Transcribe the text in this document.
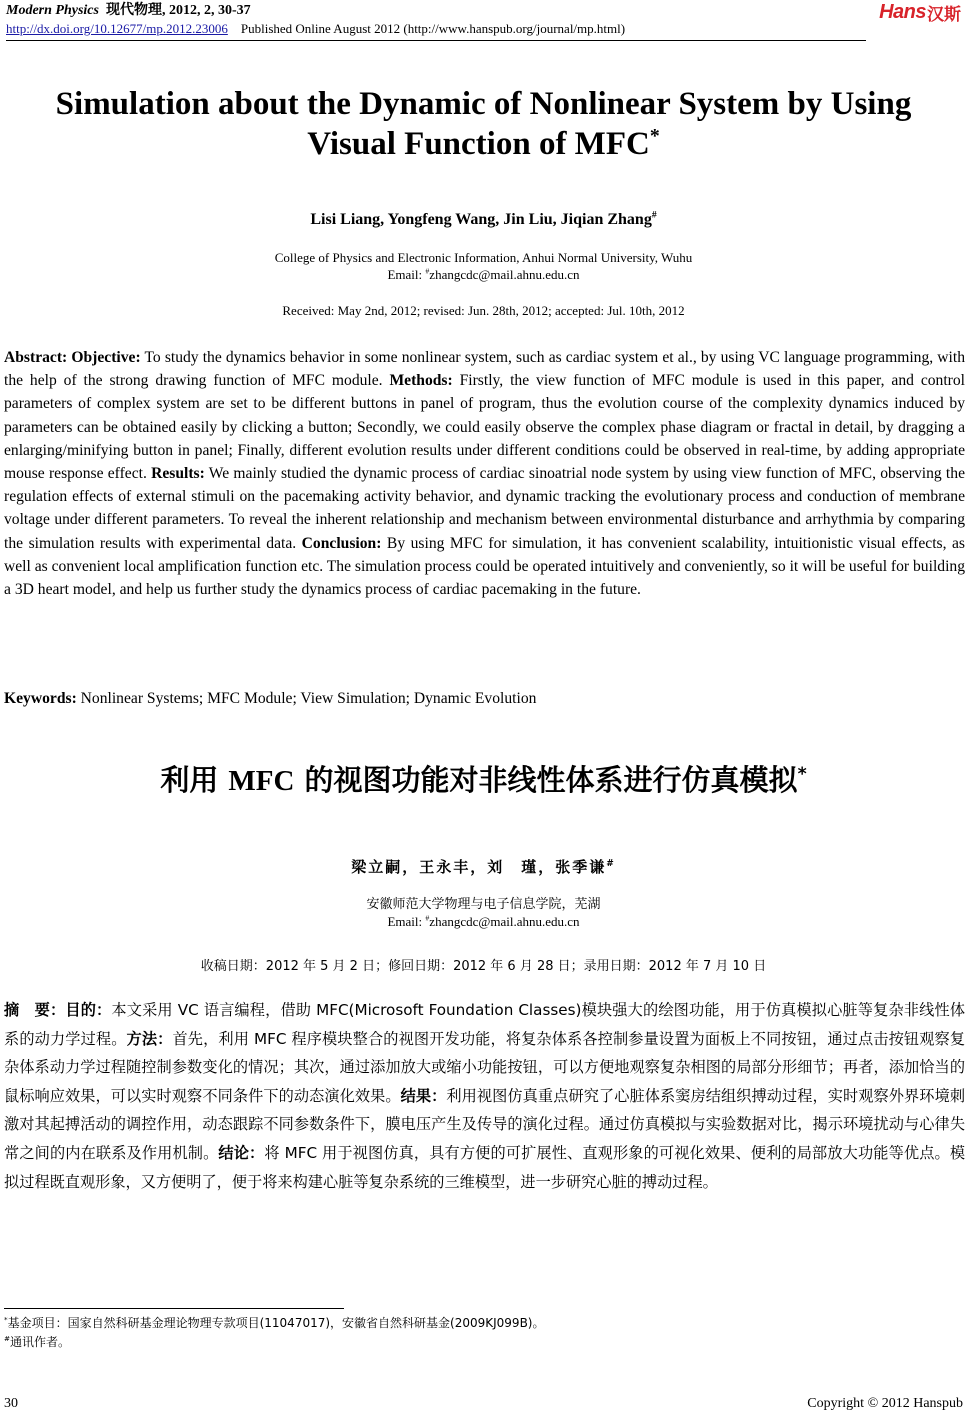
Modern Physics 现代物理, 2012, 2, 30-37
http://dx.doi.org/10.12677/mp.2012.23006 Published Online August 2012 (http://www.hanspub.org/journal/mp.html)
Hans 汉斯
Simulation about the Dynamic of Nonlinear System by Using
Visual Function of MFC*
Lisi Liang, Yongfeng Wang, Jin Liu, Jiqian Zhang#
College of Physics and Electronic Information, Anhui Normal University, Wuhu
Email: #zhangcdc@mail.ahnu.edu.cn
Received: May 2nd, 2012; revised: Jun. 28th, 2012; accepted: Jul. 10th, 2012

Abstract: Objective: To study the dynamics behavior in some nonlinear system, such as cardiac system et al., by using VC language programming, with the help of the strong drawing function of MFC module. Methods: Firstly, the view function of MFC module is used in this paper, and control parameters of complex system are set to be different buttons in panel of program, thus the evolution course of the complexity dynamics induced by parameters can be obtained easily by clicking a button; Secondly, we could easily observe the complex phase diagram or fractal in detail, by dragging a enlarging/minifying button in panel; Finally, different evolution results under different conditions could be observed in real-time, by adding appropriate mouse response effect. Results: We mainly studied the dynamic process of cardiac sinoatrial node system by using view function of MFC, observing the regulation effects of external stimuli on the pacemaking activity behavior, and dynamic tracking the evolutionary process and conduction of membrane voltage under different parameters. To reveal the inherent relationship and mechanism between environmental disturbance and arrhythmia by comparing the simulation results with experimental data. Conclusion: By using MFC for simulation, it has convenient scalability, intuitionistic visual effects, as well as convenient local amplification function etc. The simulation process could be operated intuitively and conveniently, so it will be useful for building a 3D heart model, and help us further study the dynamics process of cardiac pacemaking in the future.

Keywords: Nonlinear Systems; MFC Module; View Simulation; Dynamic Evolution

利用 MFC 的视图功能对非线性体系进行仿真模拟*
梁立嗣，王永丰，刘　瑾，张季谦#
安徽师范大学物理与电子信息学院，芜湖
Email: #zhangcdc@mail.ahnu.edu.cn
收稿日期：2012 年 5 月 2 日；修回日期：2012 年 6 月 28 日；录用日期：2012 年 7 月 10 日

摘　要：目的：本文采用 VC 语言编程，借助 MFC(Microsoft Foundation Classes)模块强大的绘图功能，用于仿真模拟心脏等复杂非线性体系的动力学过程。方法：首先，利用 MFC 程序模块整合的视图开发功能，将复杂体系各控制参量设置为面板上不同按钮，通过点击按钮观察复杂体系动力学过程随控制参数变化的情况；其次，通过添加放大或缩小功能按钮，可以方便地观察复杂相图的局部分形细节；再者，添加恰当的鼠标响应效果，可以实时观察不同条件下的动态演化效果。结果：利用视图仿真重点研究了心脏体系窦房结组织搏动过程，实时观察外界环境刺激对其起搏活动的调控作用，动态跟踪不同参数条件下，膜电压产生及传导的演化过程。通过仿真模拟与实验数据对比，揭示环境扰动与心律失常之间的内在联系及作用机制。结论：将 MFC 用于视图仿真，具有方便的可扩展性、直观形象的可视化效果、便利的局部放大功能等优点。模拟过程既直观形象，又方便明了，便于将来构建心脏等复杂系统的三维模型，进一步研究心脏的搏动过程。

*基金项目：国家自然科研基金理论物理专款项目(11047017)，安徽省自然科研基金(2009KJ099B)。
#通讯作者。
30	Copyright © 2012 Hanspub
